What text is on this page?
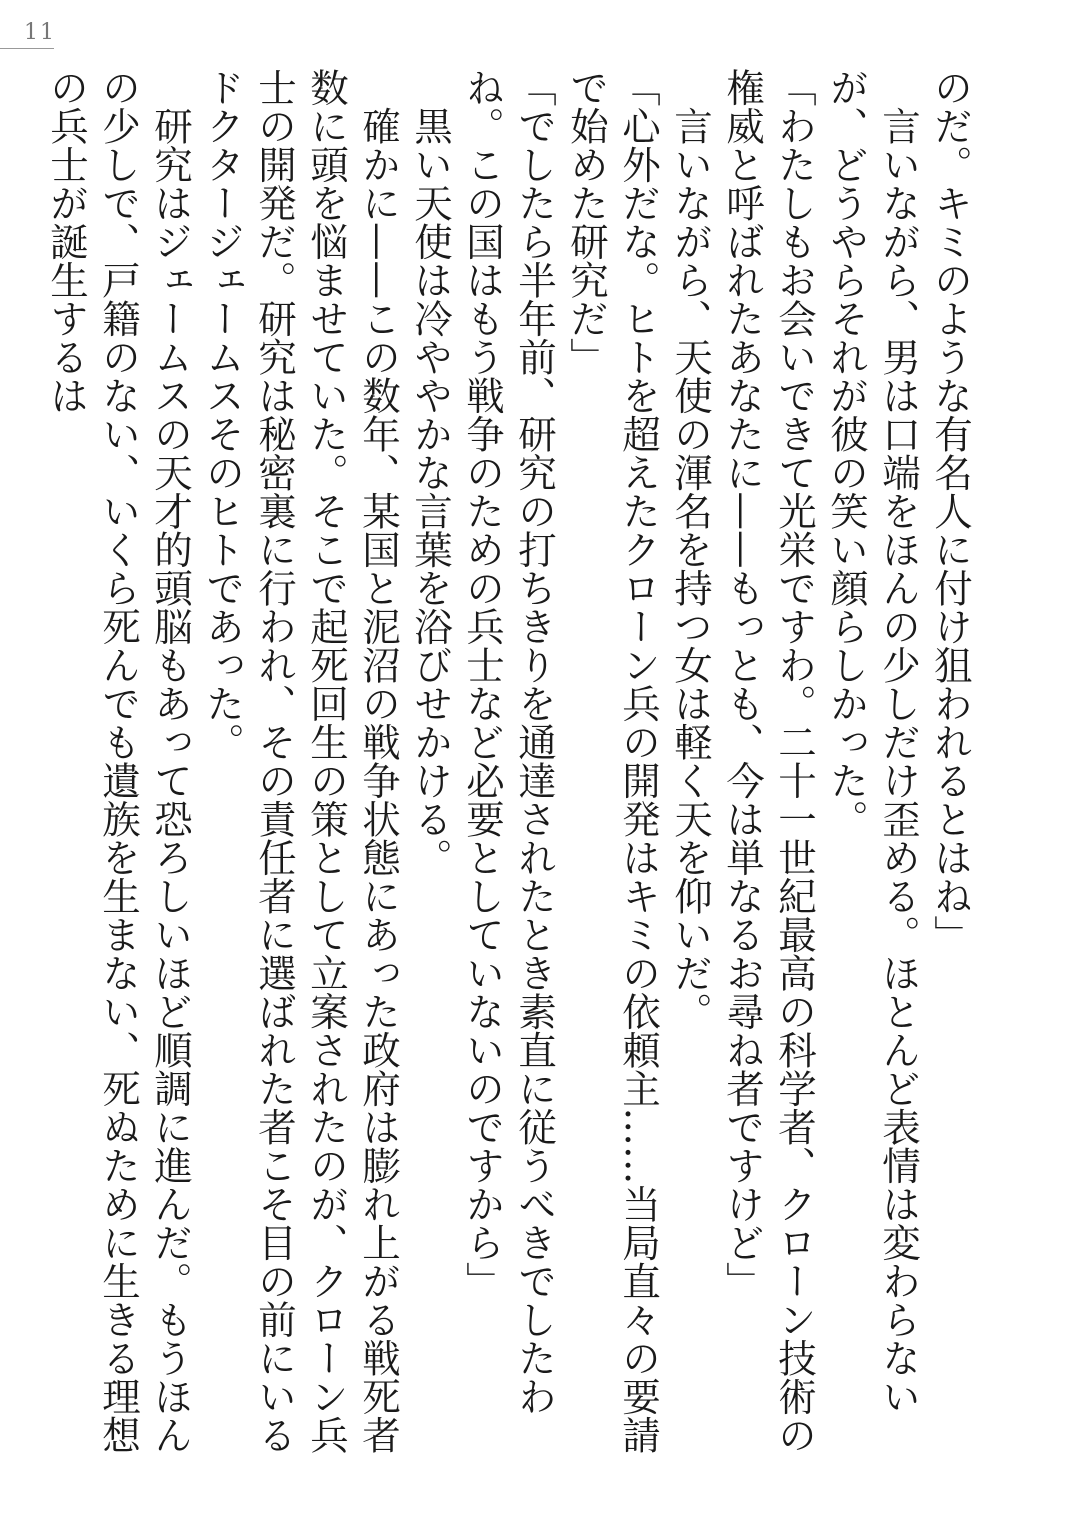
11

のだ。キミのような有名人に付け狙われるとはね」

　言いながら、男は口端をほんの少しだけ歪める。ほとんど表情は変わらないが、どうやらそれが彼の笑い顔らしかった。

「わたしもお会いできて光栄ですわ。二十一世紀最高の科学者、クローン技術の権威と呼ばれたあなたに——もっとも、今は単なるお尋ね者ですけど」

　言いながら、天使の渾名を持つ女は軽く天を仰いだ。

「心外だな。ヒトを超えたクローン兵の開発はキミの依頼主……当局直々の要請で始めた研究だ」

「でしたら半年前、研究の打ちきりを通達されたとき素直に従うべきでしたわね。この国はもう戦争のための兵士など必要としていないのですから」

　黒い天使は冷ややかな言葉を浴びせかける。

　確かに——この数年、某国と泥沼の戦争状態にあった政府は膨れ上がる戦死者数に頭を悩ませていた。そこで起死回生の策として立案されたのが、クローン兵士の開発だ。研究は秘密裏に行われ、その責任者に選ばれた者こそ目の前にいるドクタージェームスそのヒトであった。

　研究はジェームスの天才的頭脳もあって恐ろしいほど順調に進んだ。もうほんの少しで、戸籍のない、いくら死んでも遺族を生まない、死ぬために生きる理想の兵士が誕生するは
